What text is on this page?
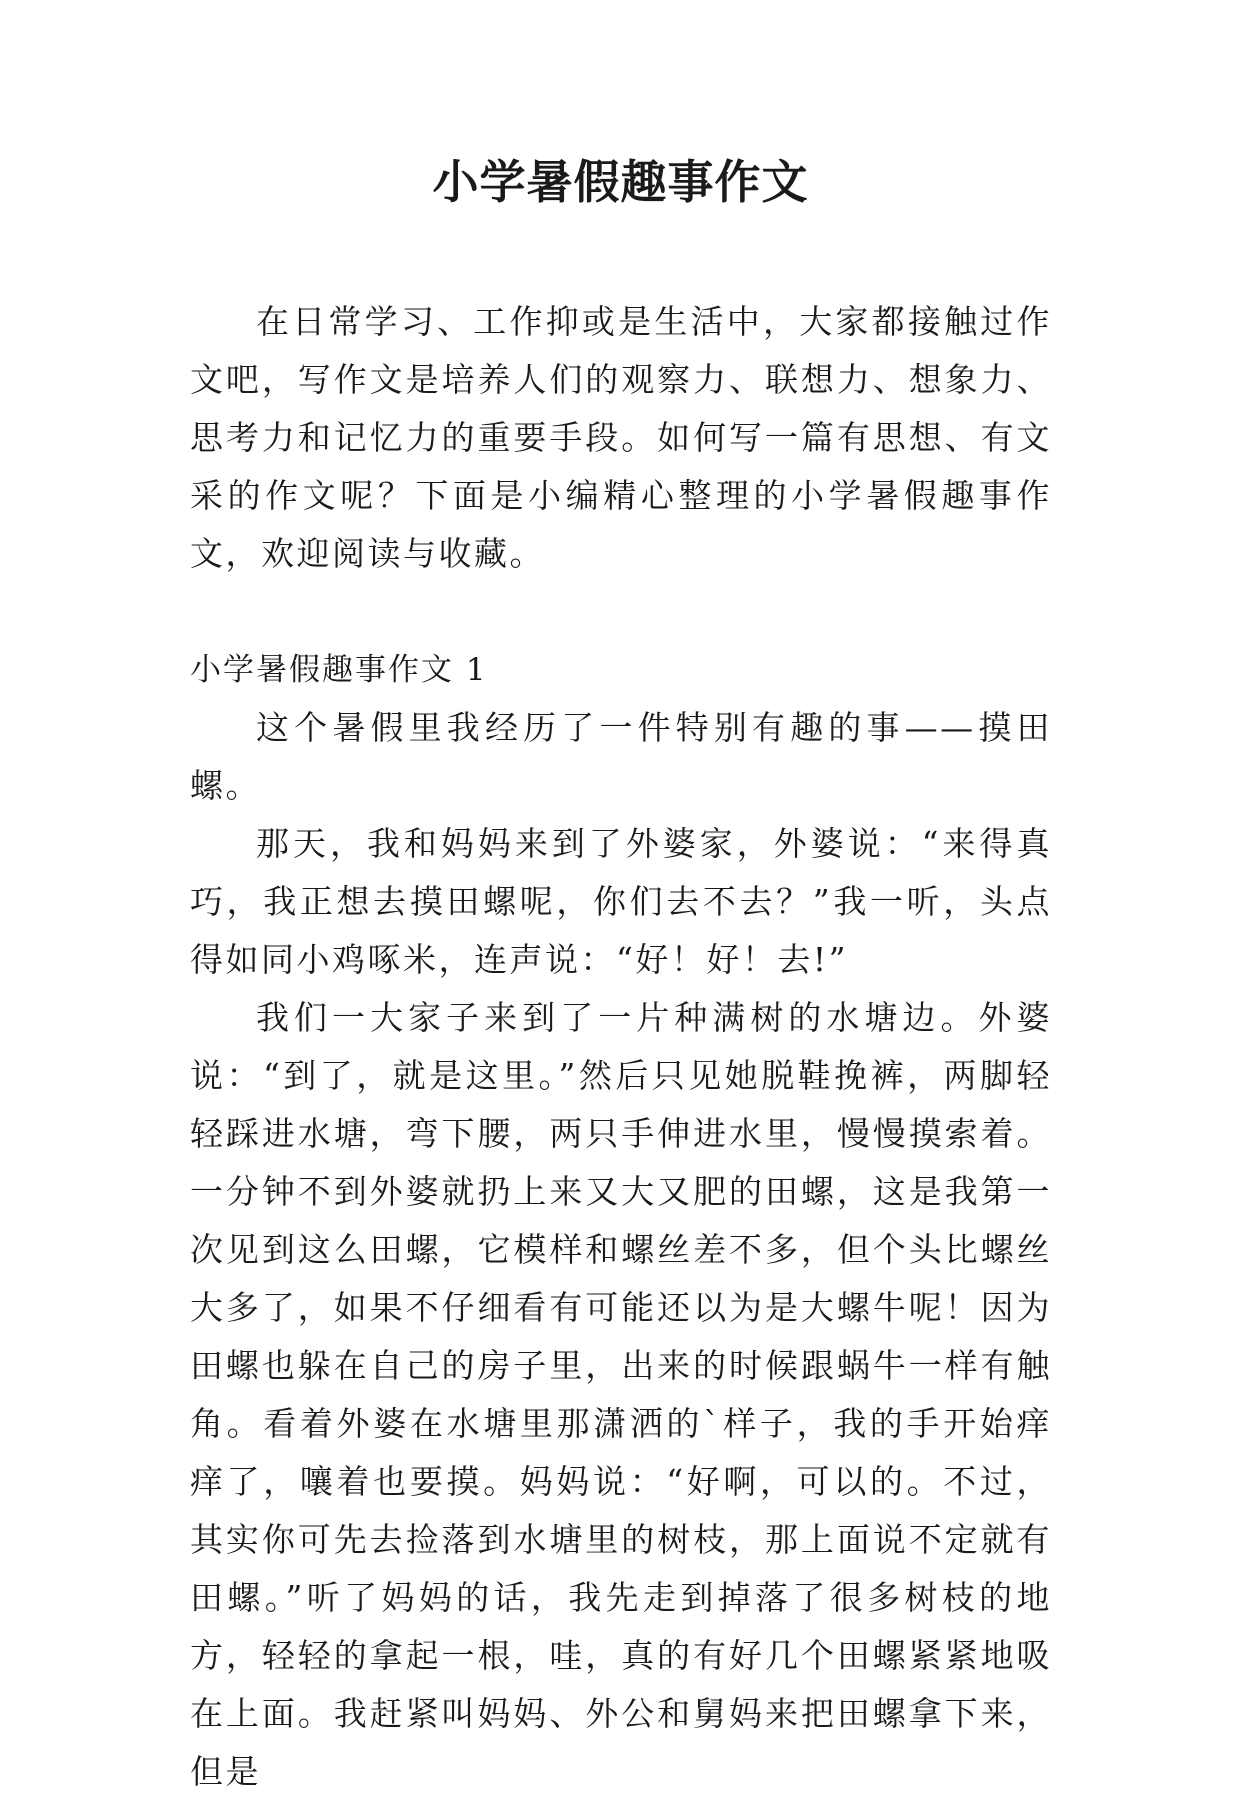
小学暑假趣事作文

在日常学习、工作抑或是生活中，大家都接触过作文吧，写作文是培养人们的观察力、联想力、想象力、思考力和记忆力的重要手段。如何写一篇有思想、有文采的作文呢？下面是小编精心整理的小学暑假趣事作文，欢迎阅读与收藏。

小学暑假趣事作文 1

这个暑假里我经历了一件特别有趣的事——摸田螺。

那天，我和妈妈来到了外婆家，外婆说：“来得真巧，我正想去摸田螺呢，你们去不去？”我一听，头点得如同小鸡啄米，连声说：“好！好！去!”

我们一大家子来到了一片种满树的水塘边。外婆说：“到了，就是这里。”然后只见她脱鞋挽裤，两脚轻轻踩进水塘，弯下腰，两只手伸进水里，慢慢摸索着。一分钟不到外婆就扔上来又大又肥的田螺，这是我第一次见到这么田螺，它模样和螺丝差不多，但个头比螺丝大多了，如果不仔细看有可能还以为是大螺牛呢！因为田螺也躲在自己的房子里，出来的时候跟蜗牛一样有触角。看着外婆在水塘里那潇洒的`样子，我的手开始痒痒了，嚷着也要摸。妈妈说：“好啊，可以的。不过，其实你可先去捡落到水塘里的树枝，那上面说不定就有田螺。”听了妈妈的话，我先走到掉落了很多树枝的地方，轻轻的拿起一根，哇，真的有好几个田螺紧紧地吸在上面。我赶紧叫妈妈、外公和舅妈来把田螺拿下来，但是
